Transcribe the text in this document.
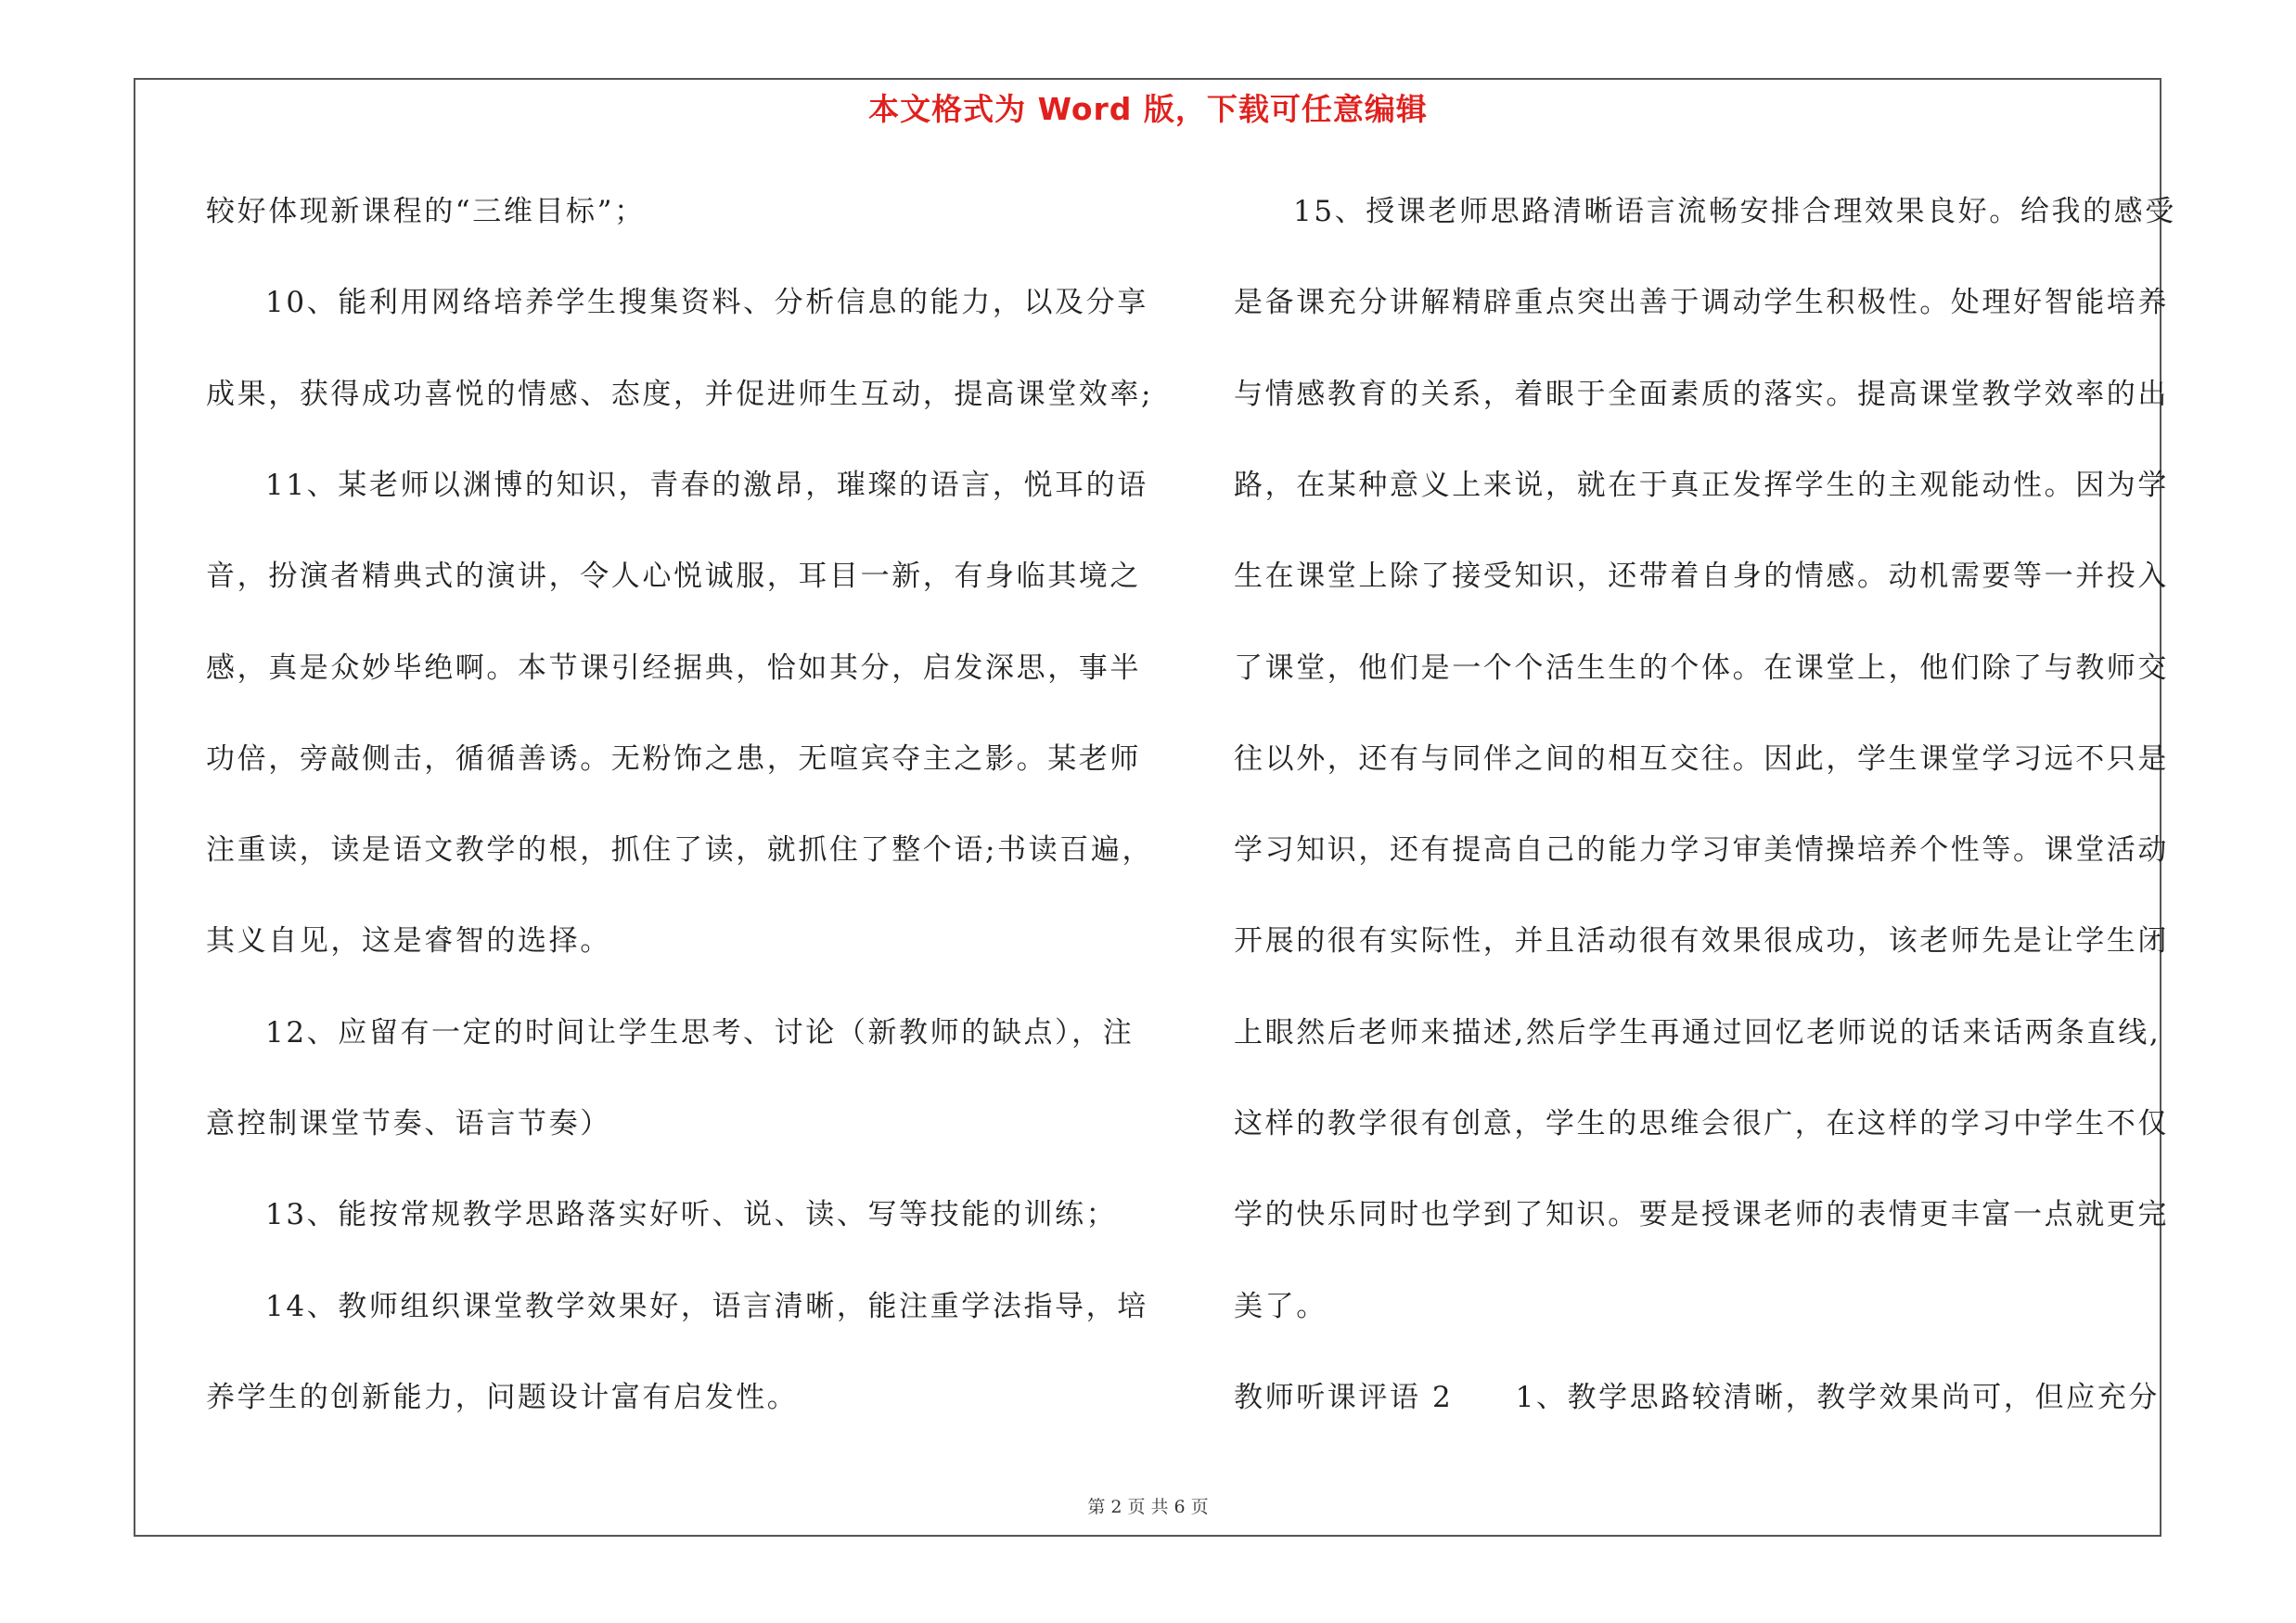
本文格式为 Word 版，下载可任意编辑
较好体现新课程的“三维目标”；
10、能利用网络培养学生搜集资料、分析信息的能力，以及分享
成果，获得成功喜悦的情感、态度，并促进师生互动，提高课堂效率;
11、某老师以渊博的知识，青春的激昂，璀璨的语言，悦耳的语
音，扮演者精典式的演讲，令人心悦诚服，耳目一新，有身临其境之
感，真是众妙毕绝啊。本节课引经据典，恰如其分，启发深思，事半
功倍，旁敲侧击，循循善诱。无粉饰之患，无喧宾夺主之影。某老师
注重读，读是语文教学的根，抓住了读，就抓住了整个语;书读百遍，
其义自见，这是睿智的选择。
12、应留有一定的时间让学生思考、讨论（新教师的缺点），注
意控制课堂节奏、语言节奏）
13、能按常规教学思路落实好听、说、读、写等技能的训练；
14、教师组织课堂教学效果好，语言清晰，能注重学法指导，培
养学生的创新能力，问题设计富有启发性。
15、授课老师思路清晰语言流畅安排合理效果良好。给我的感受
是备课充分讲解精辟重点突出善于调动学生积极性。处理好智能培养
与情感教育的关系，着眼于全面素质的落实。提高课堂教学效率的出
路，在某种意义上来说，就在于真正发挥学生的主观能动性。因为学
生在课堂上除了接受知识，还带着自身的情感。动机需要等一并投入
了课堂，他们是一个个活生生的个体。在课堂上，他们除了与教师交
往以外，还有与同伴之间的相互交往。因此，学生课堂学习远不只是
学习知识，还有提高自己的能力学习审美情操培养个性等。课堂活动
开展的很有实际性，并且活动很有效果很成功，该老师先是让学生闭
上眼然后老师来描述,然后学生再通过回忆老师说的话来话两条直线,
这样的教学很有创意，学生的思维会很广，在这样的学习中学生不仅
学的快乐同时也学到了知识。要是授课老师的表情更丰富一点就更完
美了。
教师听课评语 2　　1、教学思路较清晰，教学效果尚可，但应充分
第 2 页 共 6 页
